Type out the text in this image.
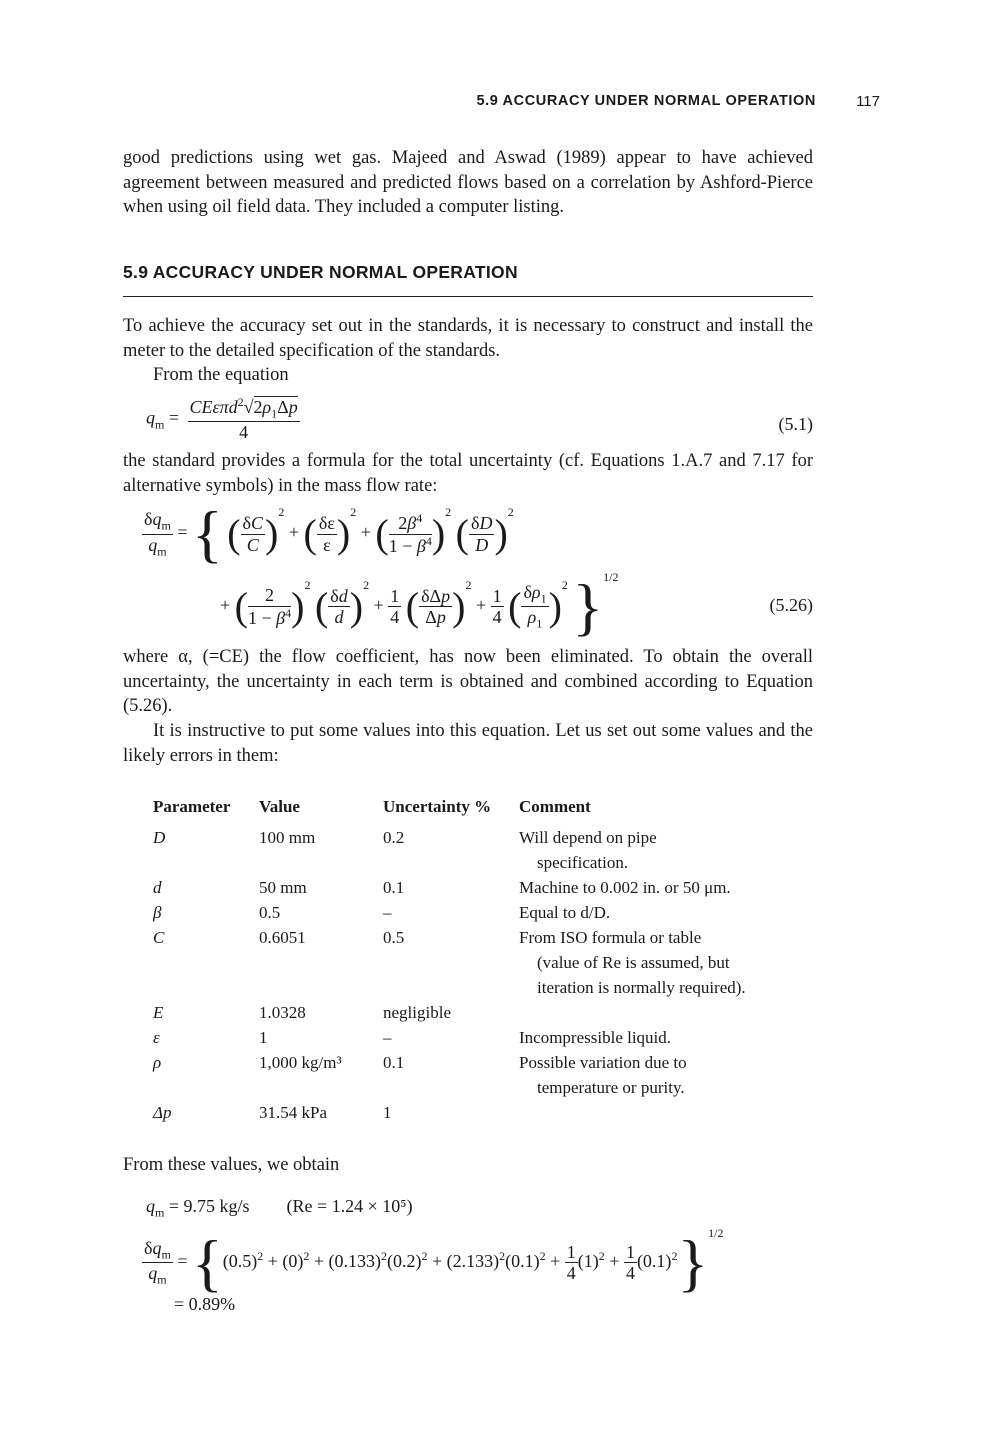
5.9 ACCURACY UNDER NORMAL OPERATION	117
good predictions using wet gas. Majeed and Aswad (1989) appear to have achieved agreement between measured and predicted flows based on a correlation by Ashford-Pierce when using oil field data. They included a computer listing.
5.9 ACCURACY UNDER NORMAL OPERATION
To achieve the accuracy set out in the standards, it is necessary to construct and install the meter to the detailed specification of the standards.
From the equation
$q_m = \frac{CE\varepsilon\pi d^2√2\rho_1\Delta p}{4}$	(5.1)
the standard provides a formula for the total uncertainty (cf. Equations 1.A.7 and 7.17 for alternative symbols) in the mass flow rate:
$\frac{\delta q_m}{q_m}$ = { ( $\frac{\delta C}{C} )^2$ + ( $\frac{\delta\varepsilon}{\varepsilon} )^2$ + ( $\frac{2\beta^4}{1 - \beta^4} )^2$ ( $\frac{\delta D}{D} )^2$
+ ( $\frac{2}{1 - \beta^4} )^2$ ( $\frac{\delta d}{d} )^2 + \frac{1}{4}$ ( $\frac{\text{δΔp}}{\Delta p} )^2 + \frac{1}{4}$ ( $\frac{\delta\rho_1}{\rho_1} )^2$ }$^{1/2}$
(5.26)
where α, (=CE) the flow coefficient, has now been eliminated. To obtain the overall uncertainty, the uncertainty in each term is obtained and combined according to Equation (5.26).
It is instructive to put some values into this equation. Let us set out some values and the likely errors in them:
Parameter	Value	Uncertainty %	Comment
D	100 mm	0.2	Will depend on pipe
specification.

d	50 mm	0.1	Machine to 0.002 in. or 50 μm.
β	0.5	–	Equal to d/D.
C	0.6051	0.5	From ISO formula or table
(value of Re is assumed, but
iteration is normally required).

E	1.0328	negligible	
ε	1	–	Incompressible liquid.
ρ	1,000 kg/m³	0.1	Possible variation due to
temperature or purity.

Δp	31.54 kPa	1	
From these values, we obtain
$q_m = 9.75$ kg/s (Re = 1.24 × 10⁵)
$\frac{\delta q_m}{q_m} = \{(0.5)^2 + (0)^2 + (0.133)^2(0.2)^2 + (2.133)^2(0.1)^2 + \frac{1}{4} (1)^2 + \frac{1}{4} (0.1)^2\}^{1/2}$
= 0.89%
